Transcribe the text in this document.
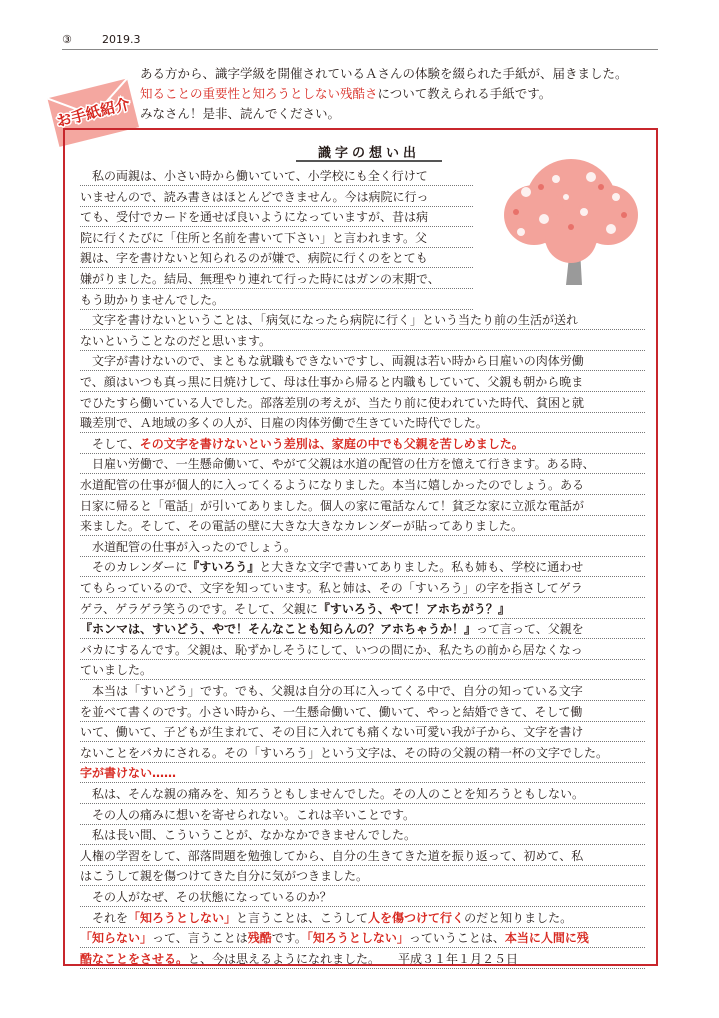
③	2019.3
ある方から、識字学級を開催されているＡさんの体験を綴られた手紙が、届きました。
知ることの重要性と知ろうとしない残酷さについて教えられる手紙です。
みなさん！是非、読んでください。
お手紙紹介
識字の想い出
　私の両親は、小さい時から働いていて、小学校にも全く行けて
いませんので、読み書きはほとんどできません。今は病院に行っ
ても、受付でカードを通せば良いようになっていますが、昔は病
院に行くたびに「住所と名前を書いて下さい」と言われます。父
親は、字を書けないと知られるのが嫌で、病院に行くのをとても
嫌がりました。結局、無理やり連れて行った時にはガンの末期で、
もう助かりませんでした。
　文字を書けないということは、「病気になったら病院に行く」という当たり前の生活が送れ
ないということなのだと思います。
　文字が書けないので、まともな就職もできないですし、両親は若い時から日雇いの肉体労働
で、顔はいつも真っ黒に日焼けして、母は仕事から帰ると内職もしていて、父親も朝から晩ま
でひたすら働いている人でした。部落差別の考えが、当たり前に使われていた時代、貧困と就
職差別で、Ａ地域の多くの人が、日雇の肉体労働で生きていた時代でした。
　そして、その文字を書けないという差別は、家庭の中でも父親を苦しめました。
　日雇い労働で、一生懸命働いて、やがて父親は水道の配管の仕方を憶えて行きます。ある時、
水道配管の仕事が個人的に入ってくるようになりました。本当に嬉しかったのでしょう。ある
日家に帰ると「電話」が引いてありました。個人の家に電話なんて！貧乏な家に立派な電話が
来ました。そして、その電話の壁に大きな大きなカレンダーが貼ってありました。
　水道配管の仕事が入ったのでしょう。
　そのカレンダーに『すいろう』と大きな文字で書いてありました。私も姉も、学校に通わせ
てもらっているので、文字を知っています。私と姉は、その「すいろう」の字を指さしてゲラ
ゲラ、ゲラゲラ笑うのです。そして、父親に『すいろう、やて！アホちがう？』
『ホンマは、すいどう、やで！そんなことも知らんの？アホちゃうか！』って言って、父親を
バカにするんです。父親は、恥ずかしそうにして、いつの間にか、私たちの前から居なくなっ
ていました。
　本当は「すいどう」です。でも、父親は自分の耳に入ってくる中で、自分の知っている文字
を並べて書くのです。小さい時から、一生懸命働いて、働いて、やっと結婚できて、そして働
いて、働いて、子どもが生まれて、その目に入れても痛くない可愛い我が子から、文字を書け
ないことをバカにされる。その「すいろう」という文字は、その時の父親の精一杯の文字でした。
字が書けない……
　私は、そんな親の痛みを、知ろうともしませんでした。その人のことを知ろうともしない。
　その人の痛みに想いを寄せられない。これは辛いことです。
　私は長い間、こういうことが、なかなかできませんでした。
人権の学習をして、部落問題を勉強してから、自分の生きてきた道を振り返って、初めて、私
はこうして親を傷つけてきた自分に気がつきました。
　その人がなぜ、その状態になっているのか？
　それを「知ろうとしない」と言うことは、こうして人を傷つけて行くのだと知りました。
「知らない」って、言うことは残酷です。「知ろうとしない」っていうことは、本当に人間に残
酷なことをさせる。と、今は思えるようになれました。　　平成３１年１月２５日
